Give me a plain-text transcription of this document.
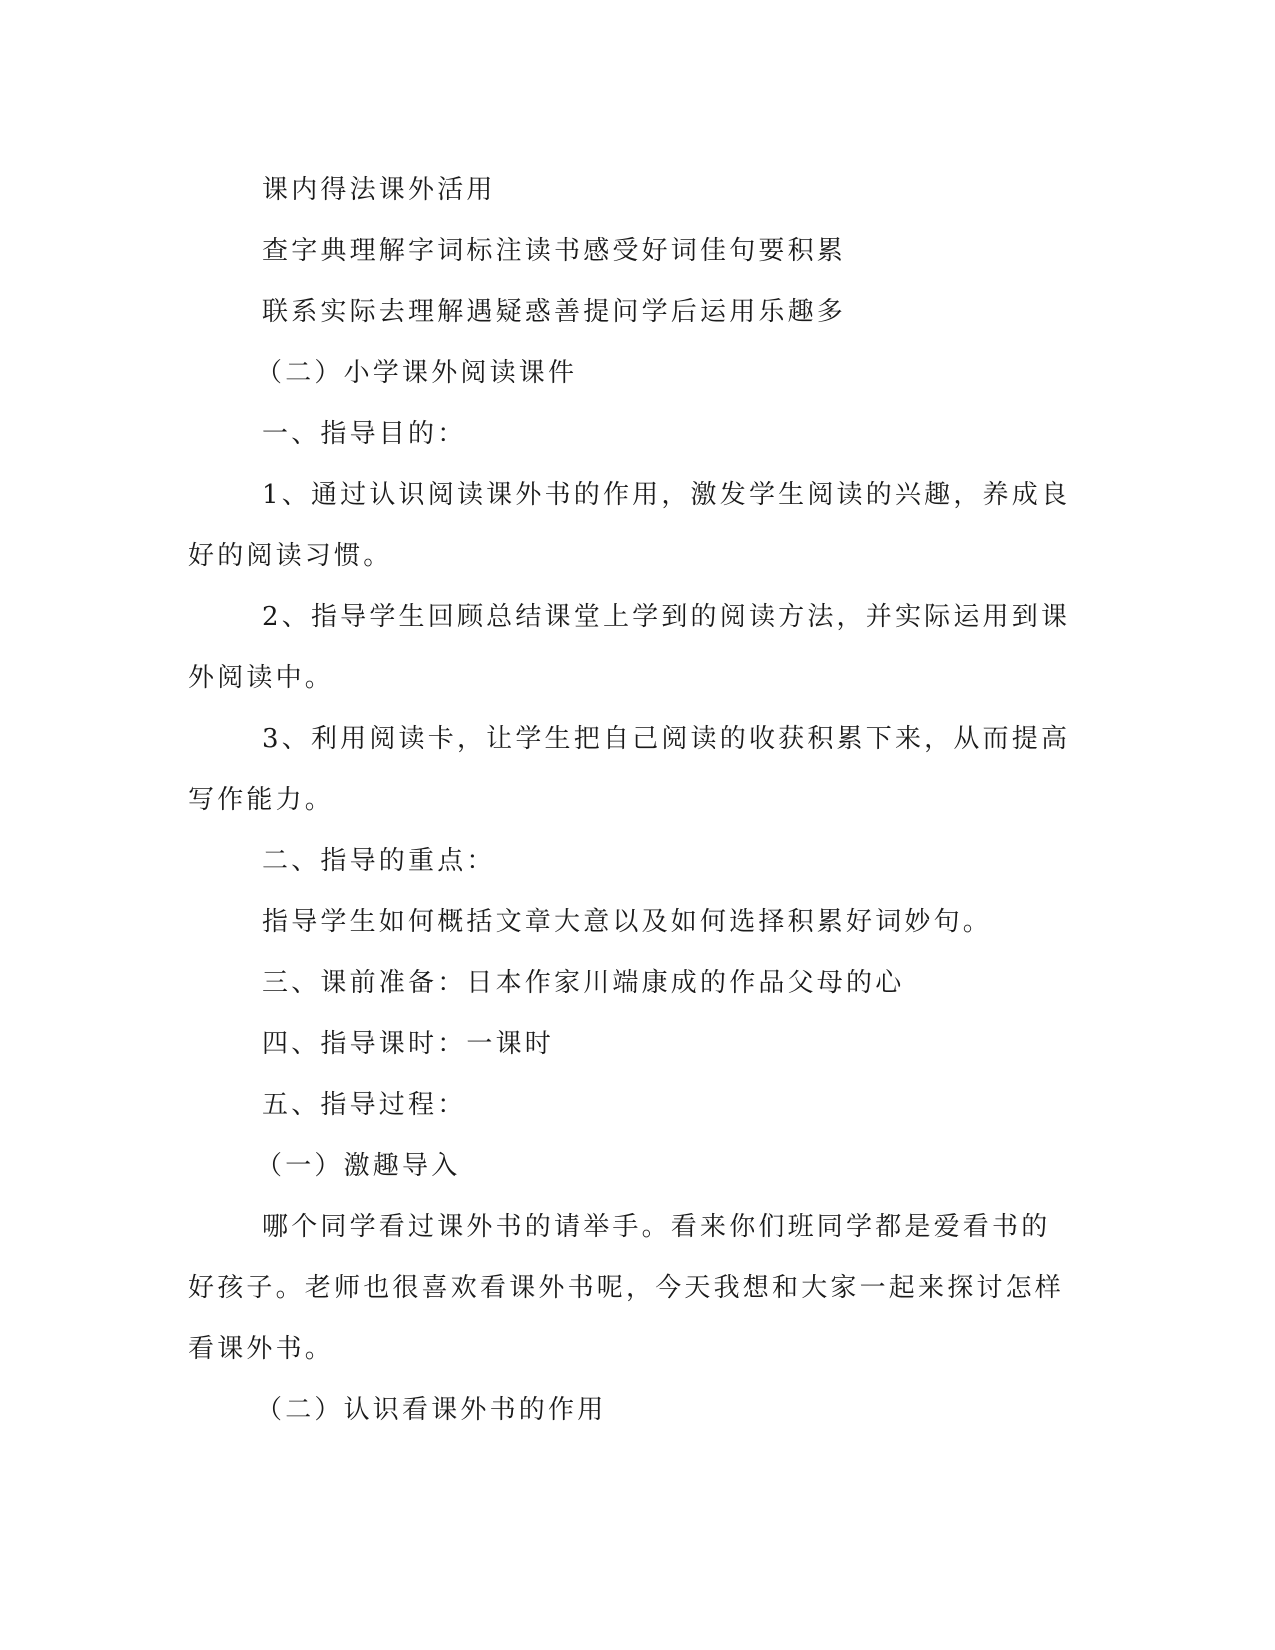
课内得法课外活用

查字典理解字词标注读书感受好词佳句要积累

联系实际去理解遇疑惑善提问学后运用乐趣多

（二）小学课外阅读课件

一、指导目的：

1、通过认识阅读课外书的作用，激发学生阅读的兴趣，养成良好的阅读习惯。

2、指导学生回顾总结课堂上学到的阅读方法，并实际运用到课外阅读中。

3、利用阅读卡，让学生把自己阅读的收获积累下来，从而提高写作能力。

二、指导的重点：

指导学生如何概括文章大意以及如何选择积累好词妙句。

三、课前准备：日本作家川端康成的作品父母的心

四、指导课时：一课时

五、指导过程：

（一）激趣导入

哪个同学看过课外书的请举手。看来你们班同学都是爱看书的好孩子。老师也很喜欢看课外书呢，今天我想和大家一起来探讨怎样看课外书。

（二）认识看课外书的作用
